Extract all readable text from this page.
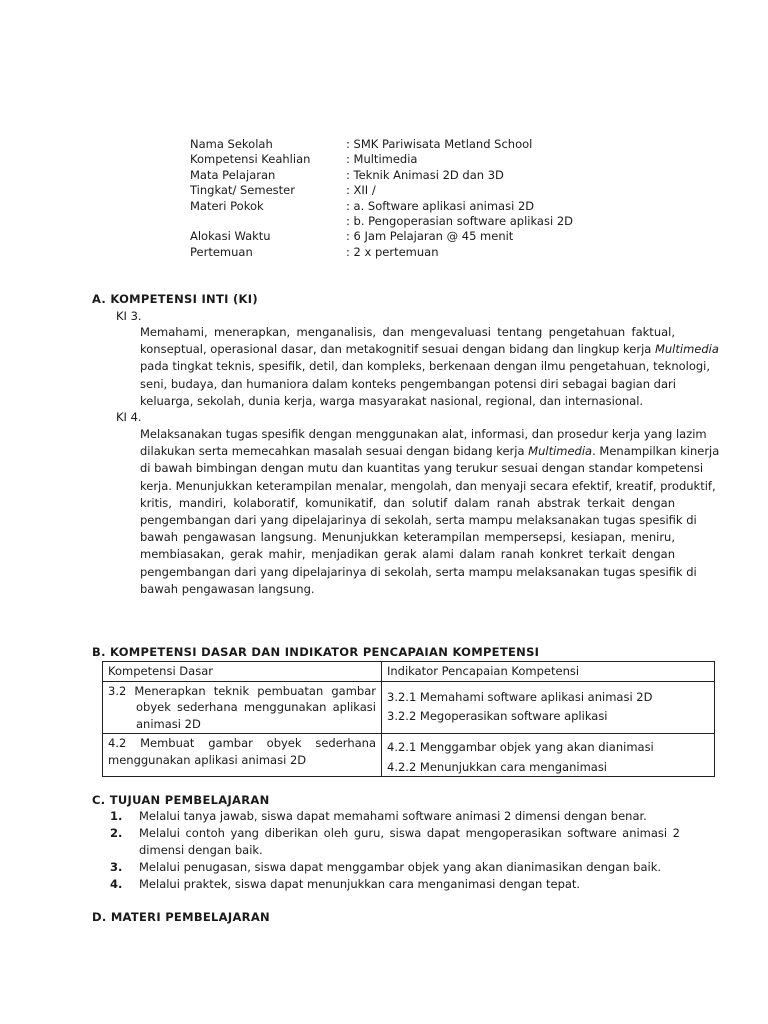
Nama Sekolah	: SMK Pariwisata Metland School
Kompetensi Keahlian	: Multimedia
Mata Pelajaran	: Teknik Animasi 2D dan 3D
Tingkat/ Semester	: XII /
Materi Pokok	: a. Software aplikasi animasi 2D
: b. Pengoperasian software aplikasi 2D
Alokasi Waktu	: 6 Jam Pelajaran @ 45 menit
Pertemuan	: 2 x pertemuan
A. KOMPETENSI INTI (KI)
KI 3.
Memahami, menerapkan, menganalisis, dan mengevaluasi tentang pengetahuan faktual,
konseptual, operasional dasar, dan metakognitif sesuai dengan bidang dan lingkup kerja Multimedia
pada tingkat teknis, spesifik, detil, dan kompleks, berkenaan dengan ilmu pengetahuan, teknologi,
seni, budaya, dan humaniora dalam konteks pengembangan potensi diri sebagai bagian dari
keluarga, sekolah, dunia kerja, warga masyarakat nasional, regional, dan internasional.
KI 4.
Melaksanakan tugas spesifik dengan menggunakan alat, informasi, dan prosedur kerja yang lazim
dilakukan serta memecahkan masalah sesuai dengan bidang kerja Multimedia. Menampilkan kinerja
di bawah bimbingan dengan mutu dan kuantitas yang terukur sesuai dengan standar kompetensi
kerja. Menunjukkan keterampilan menalar, mengolah, dan menyaji secara efektif, kreatif, produktif,
kritis, mandiri, kolaboratif, komunikatif, dan solutif dalam ranah abstrak terkait dengan
pengembangan dari yang dipelajarinya di sekolah, serta mampu melaksanakan tugas spesifik di
bawah pengawasan langsung. Menunjukkan keterampilan mempersepsi, kesiapan, meniru,
membiasakan, gerak mahir, menjadikan gerak alami dalam ranah konkret terkait dengan
pengembangan dari yang dipelajarinya di sekolah, serta mampu melaksanakan tugas spesifik di
bawah pengawasan langsung.
B. KOMPETENSI DASAR DAN INDIKATOR PENCAPAIAN KOMPETENSI
Kompetensi Dasar	Indikator Pencapaian Kompetensi

3.2 Menerapkan teknik pembuatan gambar
obyek sederhana menggunakan aplikasi
animasi 2D	3.2.1 Memahami software aplikasi animasi 2D
3.2.2 Megoperasikan software aplikasi

4.2 Membuat gambar obyek sederhana
menggunakan aplikasi animasi 2D	4.2.1 Menggambar objek yang akan dianimasi
4.2.2 Menunjukkan cara menganimasi
C. TUJUAN PEMBELAJARAN
1.	Melalui tanya jawab, siswa dapat memahami software animasi 2 dimensi dengan benar.
2.	Melalui contoh yang diberikan oleh guru, siswa dapat mengoperasikan software animasi 2
dimensi dengan baik.
3.	Melalui penugasan, siswa dapat menggambar objek yang akan dianimasikan dengan baik.
4.	Melalui praktek, siswa dapat menunjukkan cara menganimasi dengan tepat.
D. MATERI PEMBELAJARAN
